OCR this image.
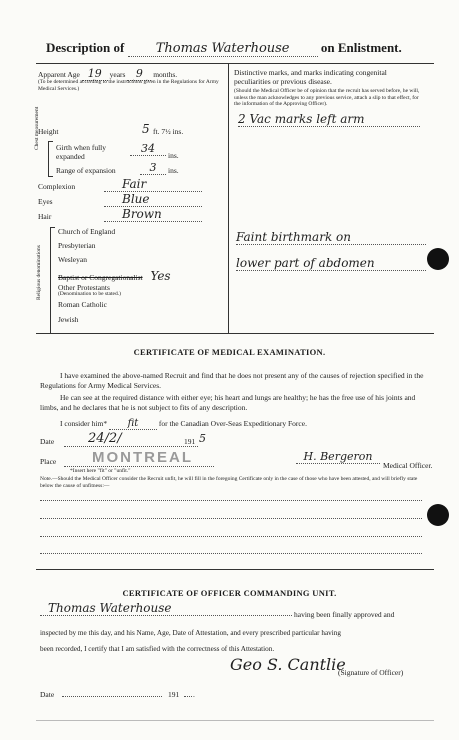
Description of Thomas Waterhouse on Enlistment.
Apparent Age 19 years 9 months.
(To be determined according to the instructions given in the Regulations for Army Medical Services.)
Height	5 ft. 7½ ins.
Chest measurement Girth when fully expanded
34
ins.
Range of expansion	3	ins.
Complexion	Fair
Eyes	Blue
Hair	Brown
Religious denominations
Church of England
Presbyterian
Wesleyan
Baptist or Congregationalist Yes
Other Protestants
(Denomination to be stated.)
Roman Catholic
Jewish
Distinctive marks, and marks indicating congenital peculiarities or previous disease.
(Should the Medical Officer be of opinion that the recruit has served before, he will, unless the man acknowledges to any previous service, attach a slip to that effect, for the information of the Approving Officer).
2 Vac marks left arm
Faint birthmark on
lower part of abdomen
CERTIFICATE OF MEDICAL EXAMINATION.
I have examined the above-named Recruit and find that he does not present any of the causes of rejection specified in the Regulations for Army Medical Services.
He can see at the required distance with either eye; his heart and lungs are healthy; he has the free use of his joints and limbs, and he declares that he is not subject to fits of any description.
I consider him* fit	for the Canadian Over-Seas Expeditionary Force.
Date	24/2/	191 5
Place MONTREAL	H. Bergeron
Medical Officer.
*Insert here "fit" or "unfit."
Note.—Should the Medical Officer consider the Recruit unfit, he will fill in the foregoing Certificate only in the case of those who have been attested, and will briefly state below the cause of unfitness:—
CERTIFICATE OF OFFICER COMMANDING UNIT.
Thomas Waterhouse	having been finally approved and
inspected by me this day, and his Name, Age, Date of Attestation, and every prescribed particular having
been recorded, I certify that I am satisfied with the correctness of this Attestation.
Geo S. Cantlie
(Signature of Officer)
Date	191 .
